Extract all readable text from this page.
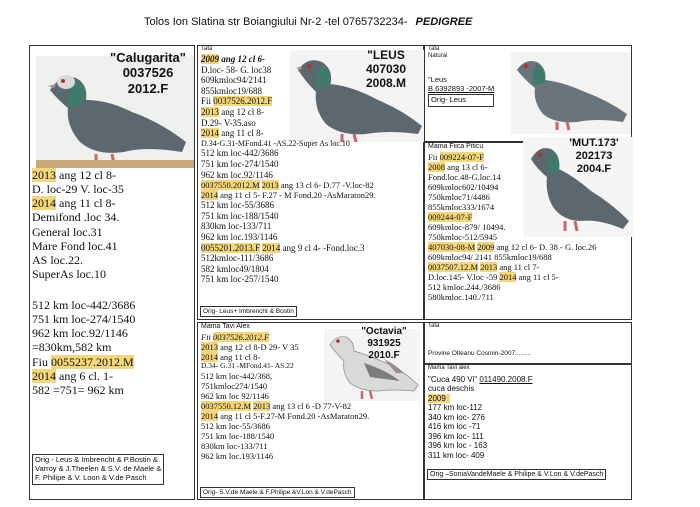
Tolos Ion Slatina str Boiangiului Nr-2 -tel 0765732234- PEDIGREE
"Calugarita"
0037526
2012.F
2013 ang 12 cl 8-
D. loc-29 V. loc-35
2014 ang 11 cl 8-
Demifond .loc 34.
General loc.31
Mare Fond loc.41
AS loc.22.
SuperAs loc.10
512 km loc-442/3686
751 km loc-274/1540
962 km loc.92/1146
=830km,582 km
Fiu 0055237.2012.M
2014 ang 6 cl. 1-
582 =751= 962 km
Orig - Leus & Imbrencht & P.Bostin &
Varroy & J.Theelen & S.V. de Maele &
F. Philipe & V. Loon & V.de Pasch
Tata	"LEUS
407030
2008.M
2009 ang 12 cl 6-
D.loc- 58- G. loc38
609kmloc94/2141
855kmloc19/688
Fii 0037526.2012.F
2013 ang 12 cl 8-
D.29- V-35.aso
2014 ang 11 cl 8-
D.34-G.31-MFond.41 -AS.22-Super As loc.10
512 km loc-442/3686
751 km loc-274/1540
962 km loc.92/1146
0037550.2012.M 2013 ang 13 cl 6- D.77 -V.loc-82
2014 ang 11 cl 5- F.27 - M Fond.20 -AsMaraton29.
512 km loc-55/3686
751 km loc-188/1540
830km loc-133/711
962 km loc.193/1146
0055201.2013.F 2014 ang 9 cl 4- -Fond.loc.3
512kmloc-111/3686
582 kmloc49/1804
751 km loc-257/1540
Orig- Leus+ Imbrencht & Bostin
Tata
Natural
"Leus
B.6392893 -2007-M
Orig- Leus
Mama Fiica Piticu	'MUT.173'
202173
2004.F
Fii 009224-07-F
2008 ang 13 cl 6-
Fond.loc.48-G.loc.14
609kmloc602/10494
750kmloc71/4486
855kmloc333/1674
009244-07-F
609kmloc-879/ 10494.
750kmloc-512/5945
407030-08-M 2009 ang 12 cl 6- D. 38 - G. loc.26
609kmloc94/ 2141 855kmloc19/688
0037507.12.M 2013 ang 11 cl 7-
D.loc.145- V.loc -59 2014 ang 11 cl 5-
512 kmloc.244./3686
580kmloc.140./711
Mama Tavi Alex	"Octavia"
931925
2010.F
Fii 0037526.2012.F
2013 ang 12 cl 8-D 29- V 35
2014 ang 11 cl 8-
D.34- G.31 -MFond.41- AS.22
512 km loc-442/368,
751kmloc274/1540
962 km loc 92/1146
0037550.12.M 2013 ang 13 cl 6 -D 77-V-82
2014 ang 11 cl 5-F.27-M Fond.20 -AsMaraton29.
512 km loc-55/3686
751 km loc-188/1540
830km loc-133/711
962 km loc.193/1146
Orig- S.V.de Maele & F.Philipe &V.Lon & V.dePasch
Tata
Provine Olteanu Cosmin-2007.........
Mama Tavi alex
"Cuca 490 Vi" 011490.2008.F
cuca deschis
2009
177 km loc-112
340 km loc- 276
416 km loc -71
396 km loc- 111
396 km loc - 163
311 km loc- 409
Orig –SoniaVandeMaele & Philipe & V.Lon & V.dePasch
